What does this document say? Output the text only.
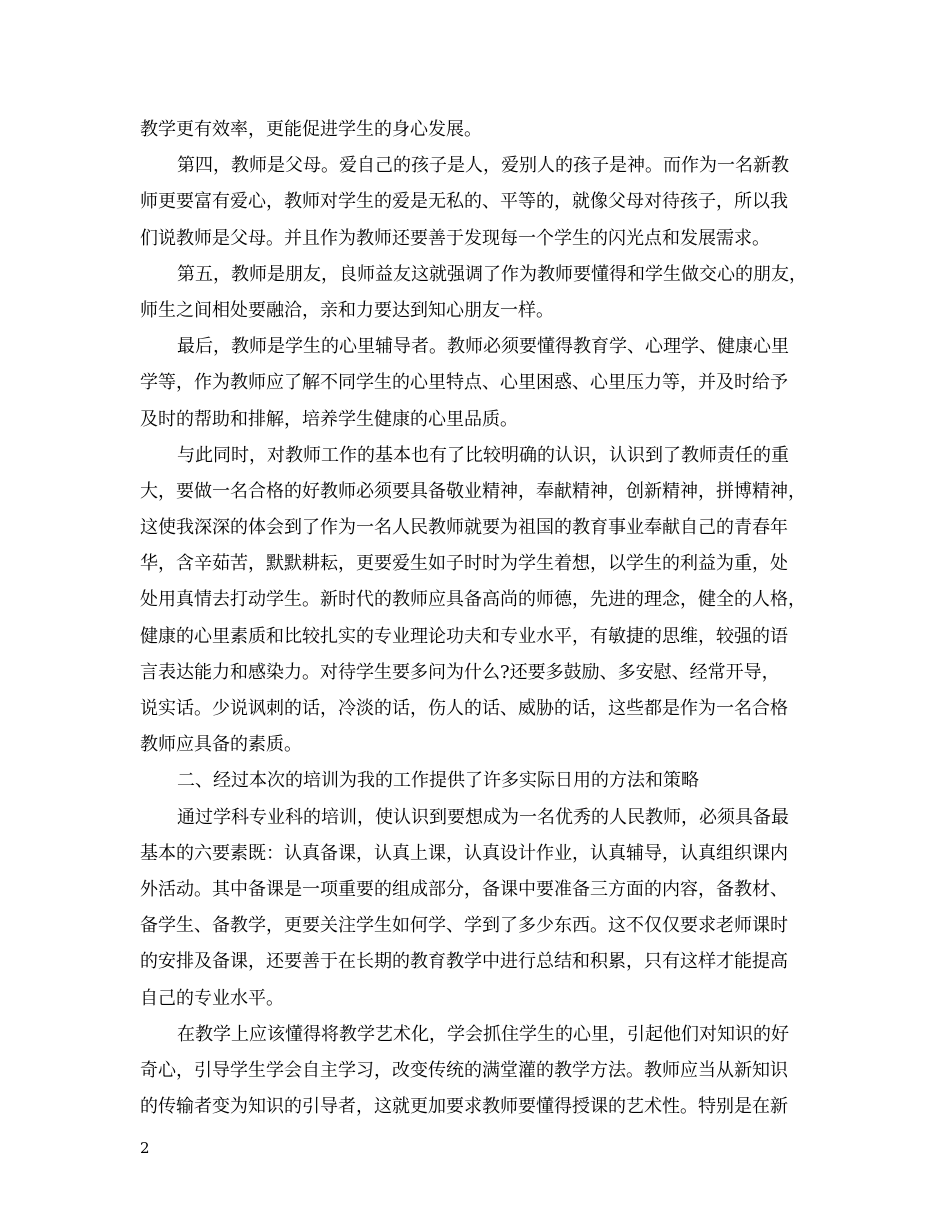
教学更有效率，更能促进学生的身心发展。
第四，教师是父母。爱自己的孩子是人，爱别人的孩子是神。而作为一名新教
师更要富有爱心，教师对学生的爱是无私的、平等的，就像父母对待孩子，所以我
们说教师是父母。并且作为教师还要善于发现每一个学生的闪光点和发展需求。
第五，教师是朋友，良师益友这就强调了作为教师要懂得和学生做交心的朋友，
师生之间相处要融洽，亲和力要达到知心朋友一样。
最后，教师是学生的心里辅导者。教师必须要懂得教育学、心理学、健康心里
学等，作为教师应了解不同学生的心里特点、心里困惑、心里压力等，并及时给予
及时的帮助和排解，培养学生健康的心里品质。
与此同时，对教师工作的基本也有了比较明确的认识，认识到了教师责任的重
大，要做一名合格的好教师必须要具备敬业精神，奉献精神，创新精神，拼博精神，
这使我深深的体会到了作为一名人民教师就要为祖国的教育事业奉献自己的青春年
华，含辛茹苦，默默耕耘，更要爱生如子时时为学生着想，以学生的利益为重，处
处用真情去打动学生。新时代的教师应具备高尚的师德，先进的理念，健全的人格，
健康的心里素质和比较扎实的专业理论功夫和专业水平，有敏捷的思维，较强的语
言表达能力和感染力。对待学生要多问为什么?还要多鼓励、多安慰、经常开导，
说实话。少说讽刺的话，冷淡的话，伤人的话、威胁的话，这些都是作为一名合格
教师应具备的素质。
二、经过本次的培训为我的工作提供了许多实际日用的方法和策略
通过学科专业科的培训，使认识到要想成为一名优秀的人民教师，必须具备最
基本的六要素既：认真备课，认真上课，认真设计作业，认真辅导，认真组织课内
外活动。其中备课是一项重要的组成部分，备课中要准备三方面的内容，备教材、
备学生、备教学，更要关注学生如何学、学到了多少东西。这不仅仅要求老师课时
的安排及备课，还要善于在长期的教育教学中进行总结和积累，只有这样才能提高
自己的专业水平。
在教学上应该懂得将教学艺术化，学会抓住学生的心里，引起他们对知识的好
奇心，引导学生学会自主学习，改变传统的满堂灌的教学方法。教师应当从新知识
的传输者变为知识的引导者，这就更加要求教师要懂得授课的艺术性。特别是在新
2
